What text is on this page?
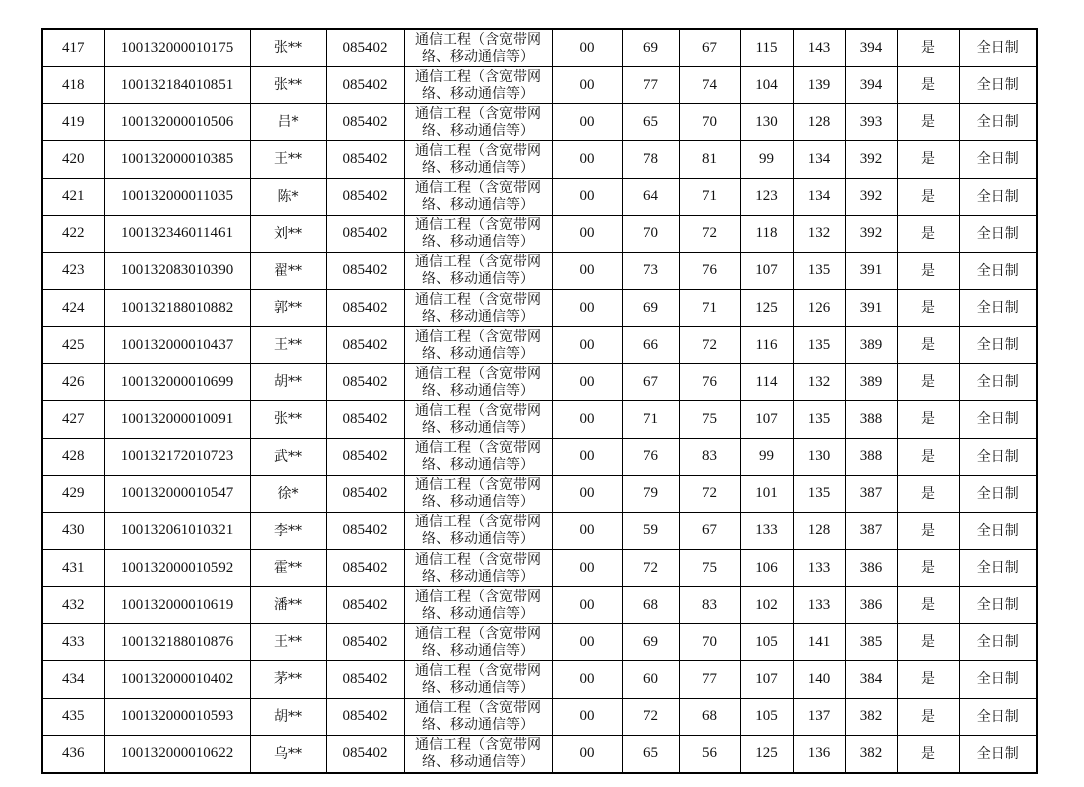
417	100132000010175	张**	085402	通信工程（含宽带网
络、移动通信等）	00	69	67	115	143	394	是	全日制
418	100132184010851	张**	085402	通信工程（含宽带网
络、移动通信等）	00	77	74	104	139	394	是	全日制
419	100132000010506	吕*	085402	通信工程（含宽带网
络、移动通信等）	00	65	70	130	128	393	是	全日制
420	100132000010385	王**	085402	通信工程（含宽带网
络、移动通信等）	00	78	81	99	134	392	是	全日制
421	100132000011035	陈*	085402	通信工程（含宽带网
络、移动通信等）	00	64	71	123	134	392	是	全日制
422	100132346011461	刘**	085402	通信工程（含宽带网
络、移动通信等）	00	70	72	118	132	392	是	全日制
423	100132083010390	翟**	085402	通信工程（含宽带网
络、移动通信等）	00	73	76	107	135	391	是	全日制
424	100132188010882	郭**	085402	通信工程（含宽带网
络、移动通信等）	00	69	71	125	126	391	是	全日制
425	100132000010437	王**	085402	通信工程（含宽带网
络、移动通信等）	00	66	72	116	135	389	是	全日制
426	100132000010699	胡**	085402	通信工程（含宽带网
络、移动通信等）	00	67	76	114	132	389	是	全日制
427	100132000010091	张**	085402	通信工程（含宽带网
络、移动通信等）	00	71	75	107	135	388	是	全日制
428	100132172010723	武**	085402	通信工程（含宽带网
络、移动通信等）	00	76	83	99	130	388	是	全日制
429	100132000010547	徐*	085402	通信工程（含宽带网
络、移动通信等）	00	79	72	101	135	387	是	全日制
430	100132061010321	李**	085402	通信工程（含宽带网
络、移动通信等）	00	59	67	133	128	387	是	全日制
431	100132000010592	霍**	085402	通信工程（含宽带网
络、移动通信等）	00	72	75	106	133	386	是	全日制
432	100132000010619	潘**	085402	通信工程（含宽带网
络、移动通信等）	00	68	83	102	133	386	是	全日制
433	100132188010876	王**	085402	通信工程（含宽带网
络、移动通信等）	00	69	70	105	141	385	是	全日制
434	100132000010402	茅**	085402	通信工程（含宽带网
络、移动通信等）	00	60	77	107	140	384	是	全日制
435	100132000010593	胡**	085402	通信工程（含宽带网
络、移动通信等）	00	72	68	105	137	382	是	全日制
436	100132000010622	乌**	085402	通信工程（含宽带网
络、移动通信等）	00	65	56	125	136	382	是	全日制
